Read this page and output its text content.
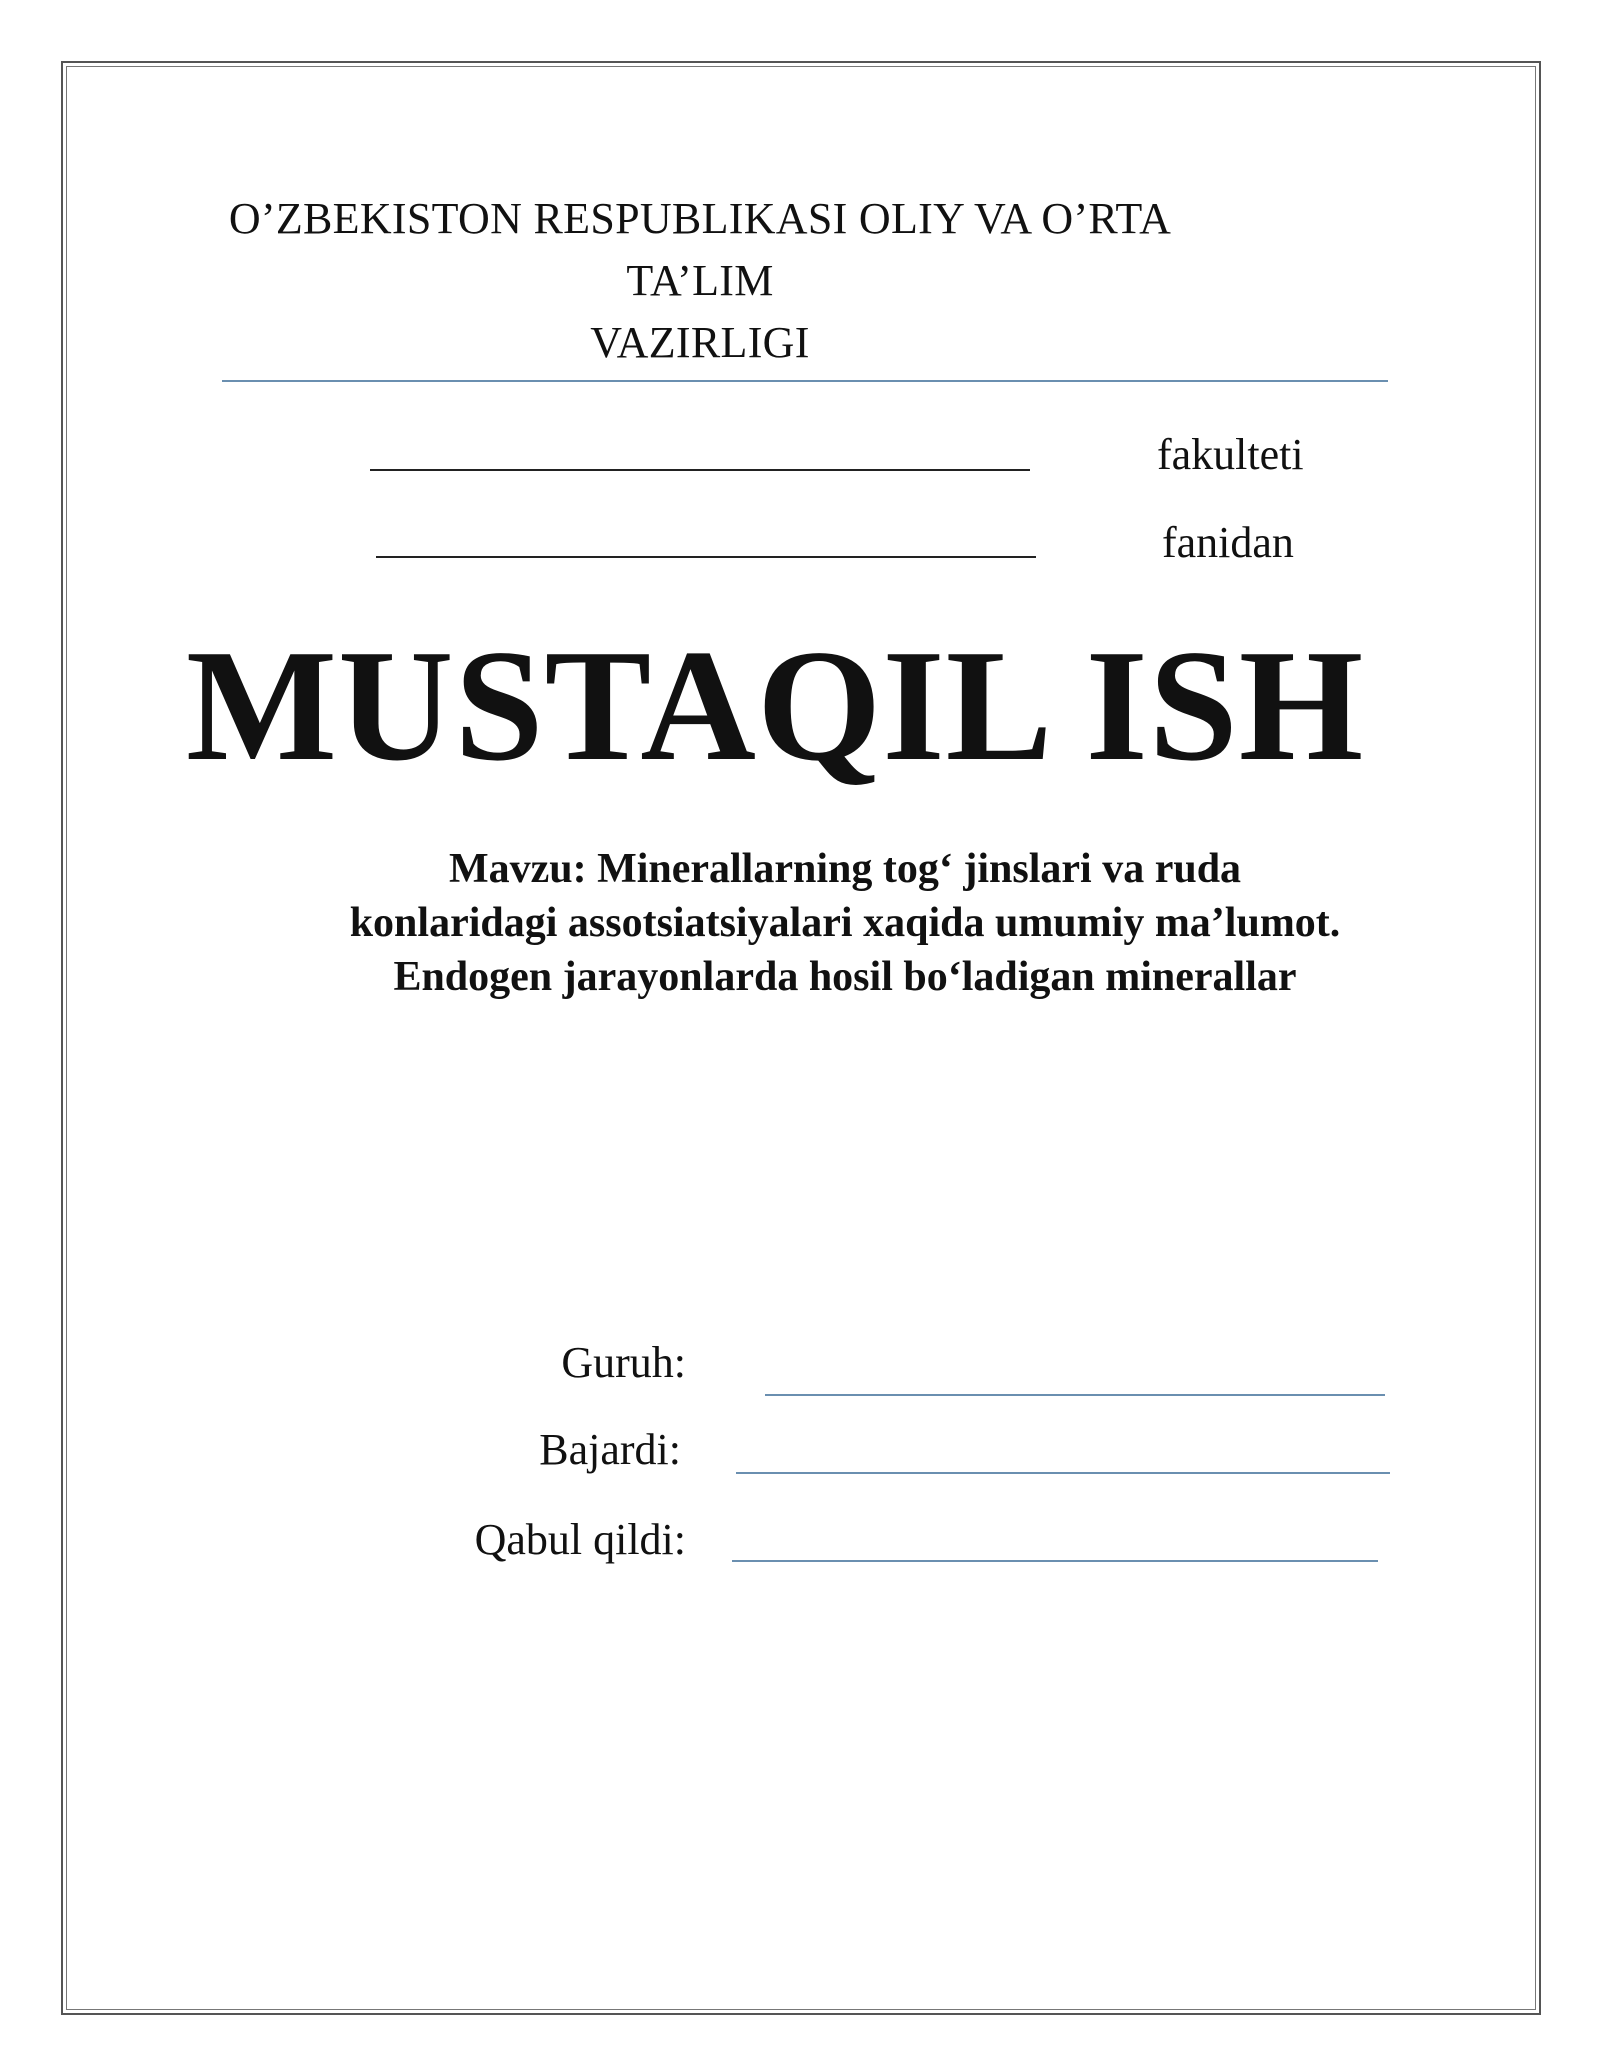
O’ZBEKISTON RESPUBLIKASI OLIY VA O’RTA TA’LIM
VAZIRLIGI
fakulteti
fanidan
MUSTAQIL ISH
Mavzu: Minerallarning tog‘ jinslari va ruda
konlaridagi assotsiatsiyalari xaqida umumiy ma’lumot.
Endogen jarayonlarda hosil bo‘ladigan minerallar
Guruh:
Bajardi:
Qabul qildi:
